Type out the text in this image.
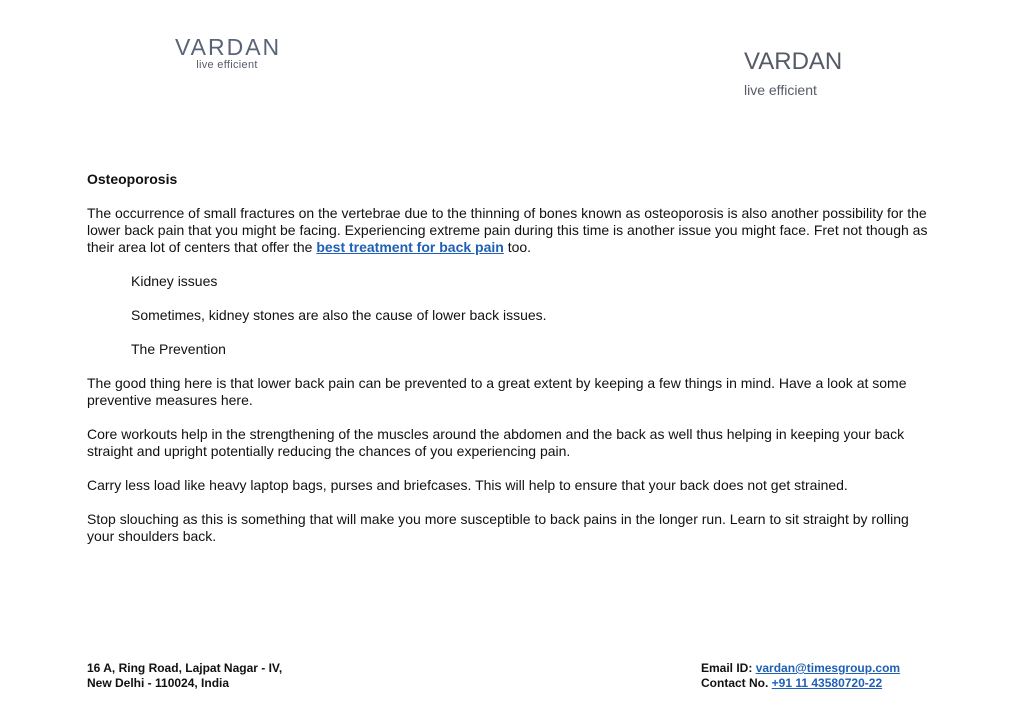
VARDAN
live efficient	VARDAN
live efficient

Osteoporosis

The occurrence of small fractures on the vertebrae due to the thinning of bones known as osteoporosis is also another possibility for the lower back pain that you might be facing. Experiencing extreme pain during this time is another issue you might face. Fret not though as their area lot of centers that offer the best treatment for back pain too.

Kidney issues

Sometimes, kidney stones are also the cause of lower back issues.

The Prevention

The good thing here is that lower back pain can be prevented to a great extent by keeping a few things in mind. Have a look at some preventive measures here.

Core workouts help in the strengthening of the muscles around the abdomen and the back as well thus helping in keeping your back straight and upright potentially reducing the chances of you experiencing pain.

Carry less load like heavy laptop bags, purses and briefcases. This will help to ensure that your back does not get strained.

Stop slouching as this is something that will make you more susceptible to back pains in the longer run. Learn to sit straight by rolling your shoulders back.

16 A, Ring Road, Lajpat Nagar - IV,
New Delhi - 110024, India
Email ID: vardan@timesgroup.com
Contact No. +91 11 43580720-22
